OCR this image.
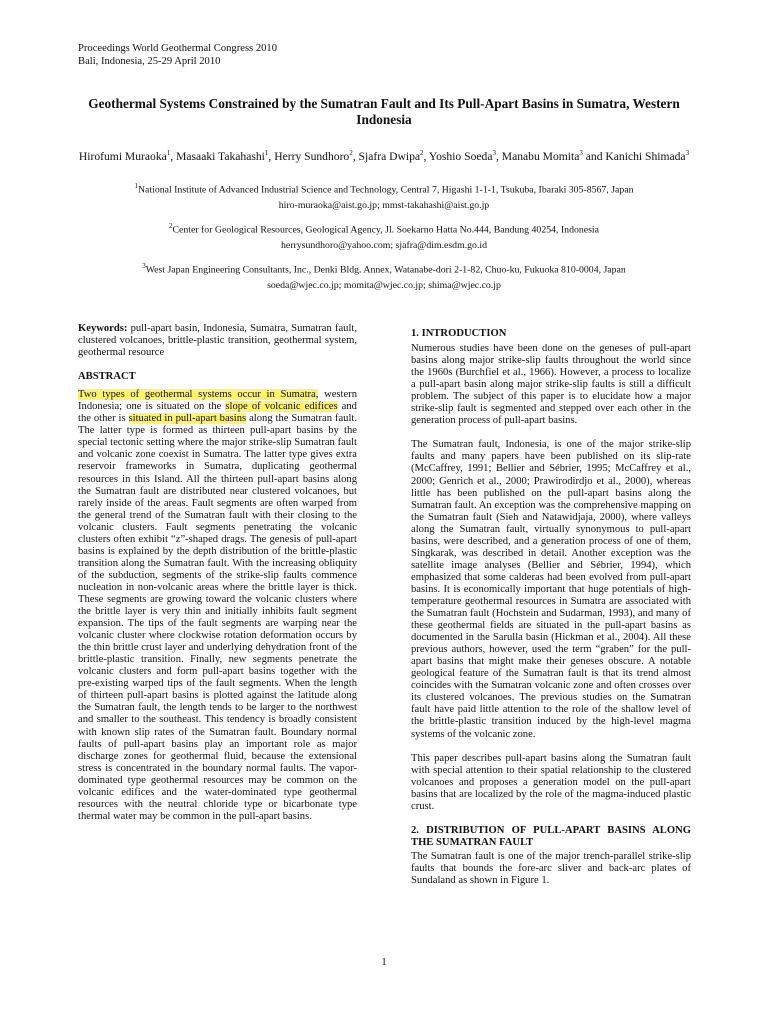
Proceedings World Geothermal Congress 2010
Bali, Indonesia, 25-29 April 2010
Geothermal Systems Constrained by the Sumatran Fault and Its Pull-Apart Basins in Sumatra, Western Indonesia
Hirofumi Muraoka$^1$, Masaaki Takahashi$^1$, Herry Sundhoro$^2$, Sjafra Dwipa$^2$, Yoshio Soeda$^3$, Manabu Momita$^3$ and Kanichi Shimada$^3$
$^1$National Institute of Advanced Industrial Science and Technology, Central 7, Higashi 1-1-1, Tsukuba, Ibaraki 305-8567, Japan
hiro-muraoka@aist.go.jp; mmst-takahashi@aist.go.jp
$^2$Center for Geological Resources, Geological Agency, Jl. Soekarno Hatta No.444, Bandung 40254, Indonesia
herrysundhoro@yahoo.com; sjafra@dim.esdm.go.id
$^3$West Japan Engineering Consultants, Inc., Denki Bldg. Annex, Watanabe-dori 2-1-82, Chuo-ku, Fukuoka 810-0004, Japan
soeda@wjec.co.jp; momita@wjec.co.jp; shima@wjec.co.jp

Keywords: pull-apart basin, Indonesia, Sumatra, Sumatran fault, clustered volcanoes, brittle-plastic transition, geothermal system, geothermal resource

ABSTRACT

Two types of geothermal systems occur in Sumatra, western Indonesia; one is situated on the slope of volcanic edifices and the other is situated in pull-apart basins along the Sumatran fault. The latter type is formed as thirteen pull-apart basins by the special tectonic setting where the major strike-slip Sumatran fault and volcanic zone coexist in Sumatra. The latter type gives extra reservoir frameworks in Sumatra, duplicating geothermal resources in this Island. All the thirteen pull-apart basins along the Sumatran fault are distributed near clustered volcanoes, but rarely inside of the areas. Fault segments are often warped from the general trend of the Sumatran fault with their closing to the volcanic clusters. Fault segments penetrating the volcanic clusters often exhibit “z”-shaped drags. The genesis of pull-apart basins is explained by the depth distribution of the brittle-plastic transition along the Sumatran fault. With the increasing obliquity of the subduction, segments of the strike-slip faults commence nucleation in non-volcanic areas where the brittle layer is thick. These segments are growing toward the volcanic clusters where the brittle layer is very thin and initially inhibits fault segment expansion. The tips of the fault segments are warping near the volcanic cluster where clockwise rotation deformation occurs by the thin brittle crust layer and underlying dehydration front of the brittle-plastic transition. Finally, new segments penetrate the volcanic clusters and form pull-apart basins together with the pre-existing warped tips of the fault segments. When the length of thirteen pull-apart basins is plotted against the latitude along the Sumatran fault, the length tends to be larger to the northwest and smaller to the southeast. This tendency is broadly consistent with known slip rates of the Sumatran fault. Boundary normal faults of pull-apart basins play an important role as major discharge zones for geothermal fluid, because the extensional stress is concentrated in the boundary normal faults. The vapor-dominated type geothermal resources may be common on the volcanic edifices and the water-dominated type geothermal resources with the neutral chloride type or bicarbonate type thermal water may be common in the pull-apart basins.

1. INTRODUCTION

Numerous studies have been done on the geneses of pull-apart basins along major strike-slip faults throughout the world since the 1960s (Burchfiel et al., 1966). However, a process to localize a pull-apart basin along major strike-slip faults is still a difficult problem. The subject of this paper is to elucidate how a major strike-slip fault is segmented and stepped over each other in the generation process of pull-apart basins.

The Sumatran fault, Indonesia, is one of the major strike-slip faults and many papers have been published on its slip-rate (McCaffrey, 1991; Bellier and Sébrier, 1995; McCaffrey et al., 2000; Genrich et al., 2000; Prawirodirdjo et al., 2000), whereas little has been published on the pull-apart basins along the Sumatran fault. An exception was the comprehensive mapping on the Sumatran fault (Sieh and Natawidjaja, 2000), where valleys along the Sumatran fault, virtually synonymous to pull-apart basins, were described, and a generation process of one of them, Singkarak, was described in detail. Another exception was the satellite image analyses (Bellier and Sébrier, 1994), which emphasized that some calderas had been evolved from pull-apart basins. It is economically important that huge potentials of high-temperature geothermal resources in Sumatra are associated with the Sumatran fault (Hochstein and Sudarman, 1993), and many of these geothermal fields are situated in the pull-apart basins as documented in the Sarulla basin (Hickman et al., 2004). All these previous authors, however, used the term “graben” for the pull-apart basins that might make their geneses obscure. A notable geological feature of the Sumatran fault is that its trend almost coincides with the Sumatran volcanic zone and often crosses over its clustered volcanoes. The previous studies on the Sumatran fault have paid little attention to the role of the shallow level of the brittle-plastic transition induced by the high-level magma systems of the volcanic zone.

This paper describes pull-apart basins along the Sumatran fault with special attention to their spatial relationship to the clustered volcanoes and proposes a generation model on the pull-apart basins that are localized by the role of the magma-induced plastic crust.

2. DISTRIBUTION OF PULL-APART BASINS ALONG THE SUMATRAN FAULT

The Sumatran fault is one of the major trench-parallel strike-slip faults that bounds the fore-arc sliver and back-arc plates of Sundaland as shown in Figure 1.

1
